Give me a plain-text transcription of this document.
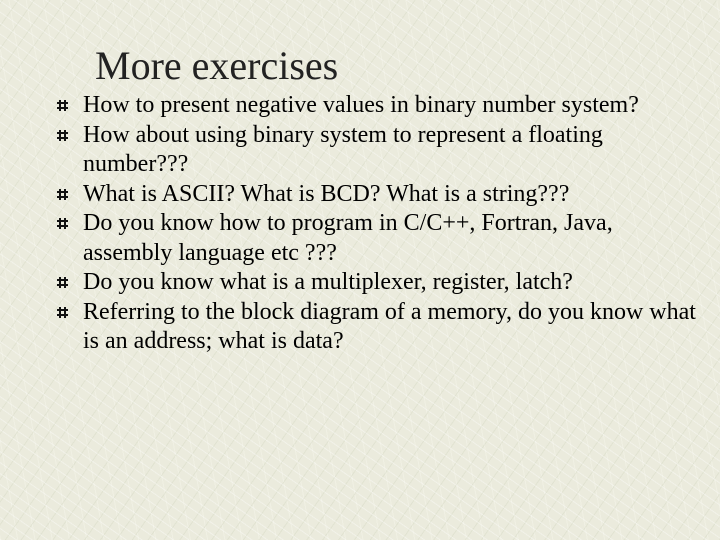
More exercises
How to present negative values in binary number system?
How about using binary system to represent a floating number???
What is ASCII? What is BCD? What is a string???
Do you know how to program in C/C++, Fortran, Java, assembly language etc ???
Do you know what is a multiplexer, register, latch?
Referring to the block diagram of a memory, do you know what is an address; what is data?
